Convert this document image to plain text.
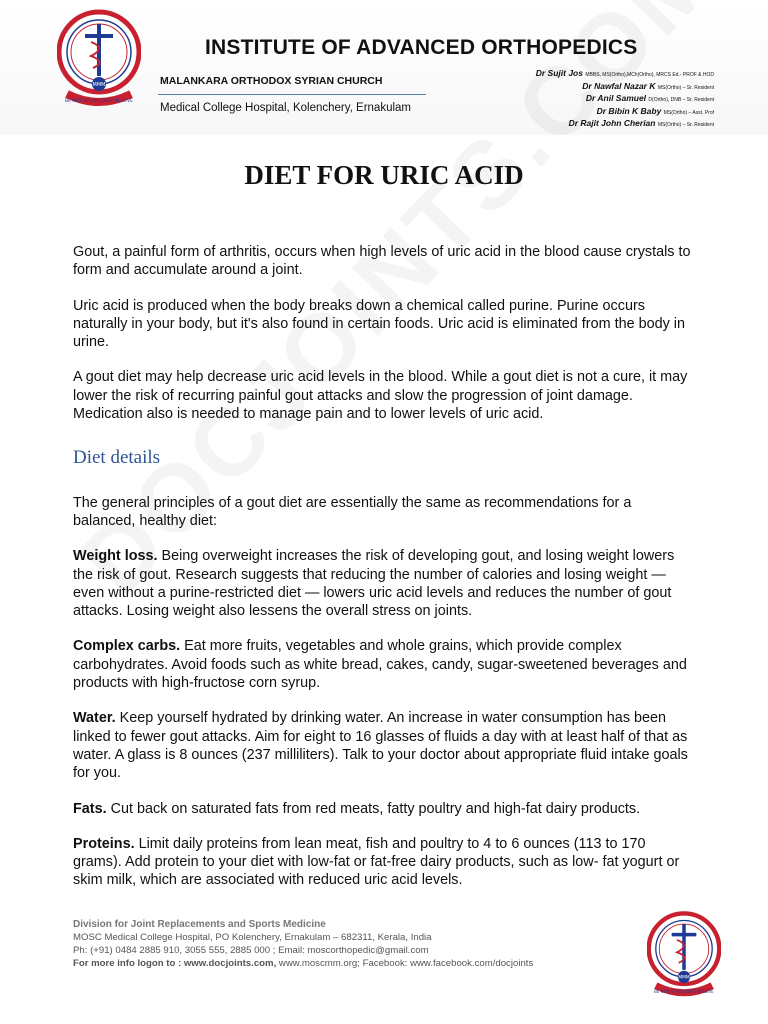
MMM
BE NOT AFRAID ONLY BELIEVE
INSTITUTE OF ADVANCED ORTHOPEDICS
MALANKARA ORTHODOX SYRIAN CHURCH
Medical College Hospital, Kolenchery, Ernakulam
Dr Sujit Jos MBBS, MS(Ortho),MCh(Ortho), MRCS Ed.- PROF & HOD
Dr Nawfal Nazar K MS(Ortho) – Sr. Resident
Dr Anil Samuel D(Ortho), DNB – Sr. Resident
Dr Bibin K Baby MS(Ortho) – Asst. Prof
Dr Rajit John Cherian MS(Ortho) – Sr. Resident
DIET FOR URIC ACID

Gout, a painful form of arthritis, occurs when high levels of uric acid in the blood cause crystals to form and accumulate around a joint.

Uric acid is produced when the body breaks down a chemical called purine. Purine occurs naturally in your body, but it's also found in certain foods. Uric acid is eliminated from the body in urine.

A gout diet may help decrease uric acid levels in the blood. While a gout diet is not a cure, it may lower the risk of recurring painful gout attacks and slow the progression of joint damage. Medication also is needed to manage pain and to lower levels of uric acid.

Diet details

The general principles of a gout diet are essentially the same as recommendations for a balanced, healthy diet:

Weight loss. Being overweight increases the risk of developing gout, and losing weight lowers the risk of gout. Research suggests that reducing the number of calories and losing weight — even without a purine-restricted diet — lowers uric acid levels and reduces the number of gout attacks. Losing weight also lessens the overall stress on joints.

Complex carbs. Eat more fruits, vegetables and whole grains, which provide complex carbohydrates. Avoid foods such as white bread, cakes, candy, sugar-sweetened beverages and products with high-fructose corn syrup.

Water. Keep yourself hydrated by drinking water. An increase in water consumption has been linked to fewer gout attacks. Aim for eight to 16 glasses of fluids a day with at least half of that as water. A glass is 8 ounces (237 milliliters). Talk to your doctor about appropriate fluid intake goals for you.

Fats. Cut back on saturated fats from red meats, fatty poultry and high-fat dairy products.

Proteins. Limit daily proteins from lean meat, fish and poultry to 4 to 6 ounces (113 to 170 grams). Add protein to your diet with low-fat or fat-free dairy products, such as low- fat yogurt or skim milk, which are associated with reduced uric acid levels.

Division for Joint Replacements and Sports Medicine
MOSC Medical College Hospital, PO Kolenchery, Ernakulam – 682311, Kerala, India
Ph: (+91) 0484 2885 910, 3055 555, 2885 000 ; Email: moscorthopedic@gmail.com
For more info logon to : www.docjoints.com, www.moscmm.org; Facebook: www.facebook.com/docjoints
MMM
BE NOT AFRAID ONLY BELIEVE
